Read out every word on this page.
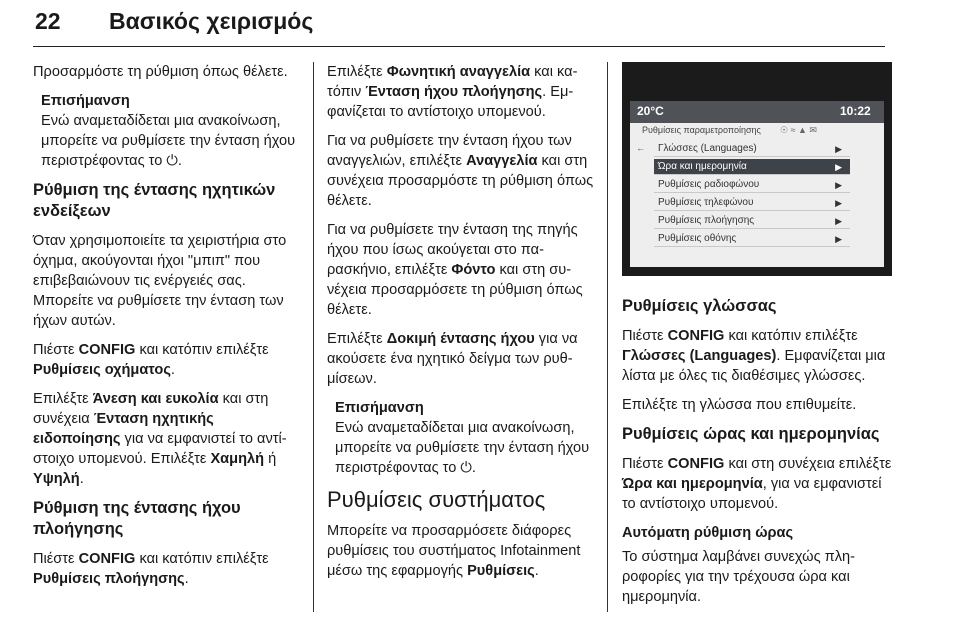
22 Βασικός χειρισμός

Προσαρμόστε τη ρύθμιση όπως θέλετε.

Επισήμανση
Ενώ αναμεταδίδεται μια ανακοίνωση, μπορείτε να ρυθμίσετε την ένταση ήχου περιστρέφοντας το ⏻.
Ρύθμιση της έντασης ηχητικών ενδείξεων

Όταν χρησιμοποιείτε τα χειριστήρια στο όχημα, ακούγονται ήχοι "μπιπ" που επιβεβαιώνουν τις ενέργειές σας. Μπορείτε να ρυθμίσετε την ένταση των ήχων αυτών.

Πιέστε CONFIG και κατόπιν επιλέξτε Ρυθμίσεις οχήματος.

Επιλέξτε Άνεση και ευκολία και στη συνέχεια Ένταση ηχητικής ειδοποίησης για να εμφανιστεί το αντίστοιχο υπομενού. Επιλέξτε Χαμηλή ή Υψηλή.

Ρύθμιση της έντασης ήχου πλοήγησης

Πιέστε CONFIG και κατόπιν επιλέξτε Ρυθμίσεις πλοήγησης.

Επιλέξτε Φωνητική αναγγελία και κατόπιν Ένταση ήχου πλοήγησης. Εμφανίζεται το αντίστοιχο υπομενού.

Για να ρυθμίσετε την ένταση ήχου των αναγγελιών, επιλέξτε Αναγγελία και στη συνέχεια προσαρμόστε τη ρύθμιση όπως θέλετε.

Για να ρυθμίσετε την ένταση της πηγής ήχου που ίσως ακούγεται στο παρασκήνιο, επιλέξτε Φόντο και στη συνέχεια προσαρμόσετε τη ρύθμιση όπως θέλετε.

Επιλέξτε Δοκιμή έντασης ήχου για να ακούσετε ένα ηχητικό δείγμα των ρυθμίσεων.

Επισήμανση
Ενώ αναμεταδίδεται μια ανακοίνωση, μπορείτε να ρυθμίσετε την ένταση ήχου περιστρέφοντας το ⏻.
Ρυθμίσεις συστήματος

Μπορείτε να προσαρμόσετε διάφορες ρυθμίσεις του συστήματος Infotainment μέσω της εφαρμογής Ρυθμίσεις.

20°C	10:22
Ρυθμίσεις παραμετροποίησης ☉ ≈ ▲ ✉
←	Γλώσσες (Languages)	▶
Ώρα και ημερομηνία	▶
Ρυθμίσεις ραδιοφώνου	▶
Ρυθμίσεις τηλεφώνου	▶
Ρυθμίσεις πλοήγησης	▶
Ρυθμίσεις οθόνης	▶
Ρυθμίσεις γλώσσας

Πιέστε CONFIG και κατόπιν επιλέξτε Γλώσσες (Languages). Εμφανίζεται μια λίστα με όλες τις διαθέσιμες γλώσσες.

Επιλέξτε τη γλώσσα που επιθυμείτε.

Ρυθμίσεις ώρας και ημερομηνίας

Πιέστε CONFIG και στη συνέχεια επιλέξτε Ώρα και ημερομηνία, για να εμφανιστεί το αντίστοιχο υπομενού.

Αυτόματη ρύθμιση ώρας

Το σύστημα λαμβάνει συνεχώς πληροφορίες για την τρέχουσα ώρα και ημερομηνία.
